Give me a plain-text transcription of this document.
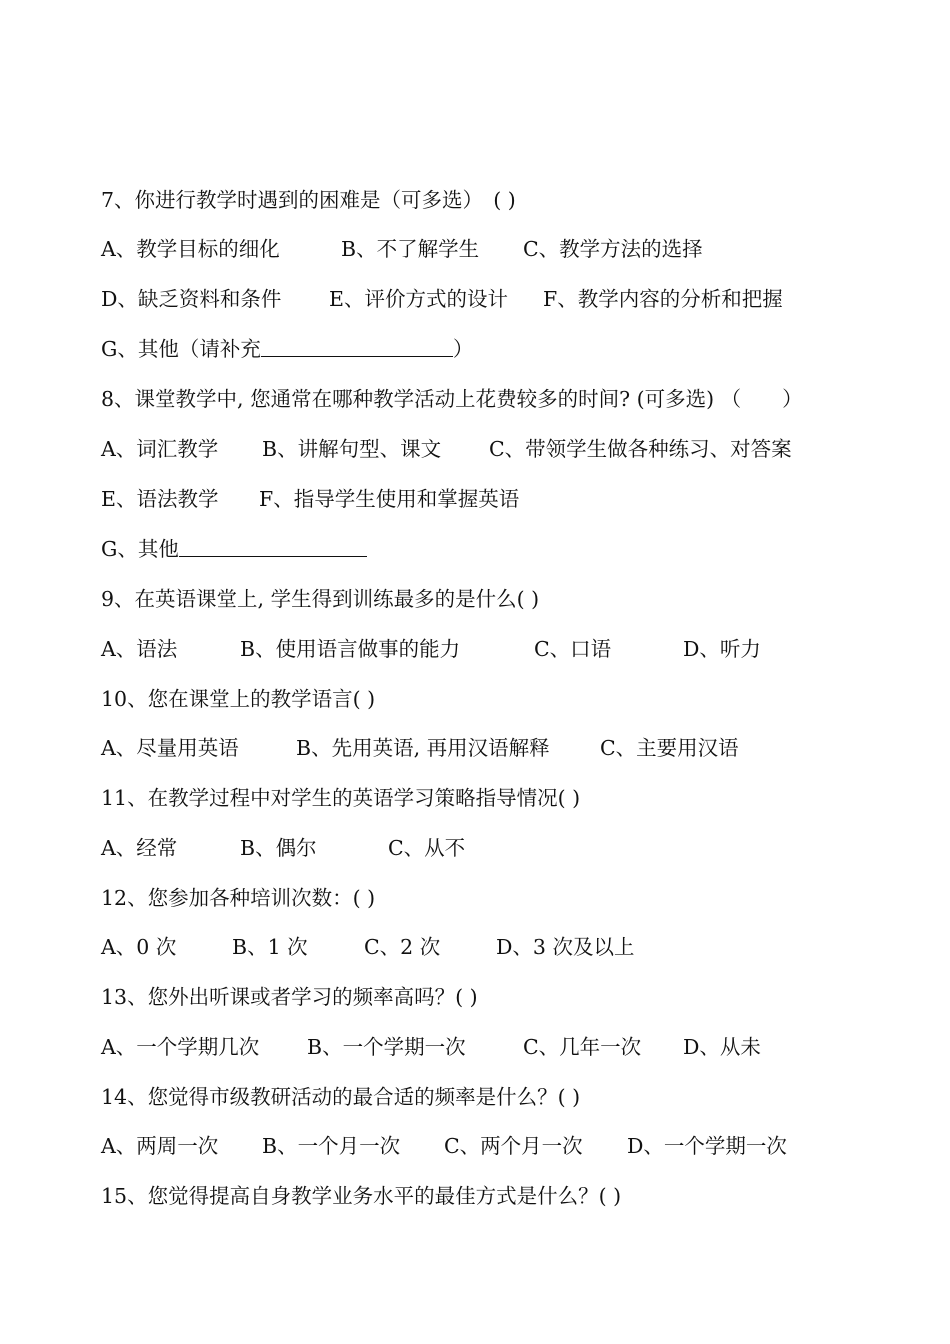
7、你进行教学时遇到的困难是（可多选）　( )

A、教学目标的细化

	B、不了解学生

C、教学方法的选择

D、缺乏资料和条件

E、评价方式的设计

F、教学内容的分析和把握

G、其他（请补充	）

8、课堂教学中, 您通常在哪种教学活动上花费较多的时间? (可多选) （　　）

A、词汇教学

B、讲解句型、课文

C、带领学生做各种练习、对答案

E、语法教学

F、指导学生使用和掌握英语

G、其他

9、在英语课堂上, 学生得到训练最多的是什么( )

A、语法

	B、使用语言做事的能力

	C、口语

	D、听力

10、您在课堂上的教学语言( )

A、尽量用英语

	B、先用英语, 再用汉语解释

C、主要用汉语

11、在教学过程中对学生的英语学习策略指导情况( )

A、经常

	B、偶尔

	C、从不

12、您参加各种培训次数：( )

A、0 次

	B、1 次

	C、2 次

	D、3 次及以上

13、您外出听课或者学习的频率高吗？( )

A、一个学期几次

B、一个学期一次

	C、几年一次

D、从未

14、您觉得市级教研活动的最合适的频率是什么？( )

A、两周一次

B、一个月一次

C、两个月一次

D、一个学期一次

15、您觉得提高自身教学业务水平的最佳方式是什么？( )
